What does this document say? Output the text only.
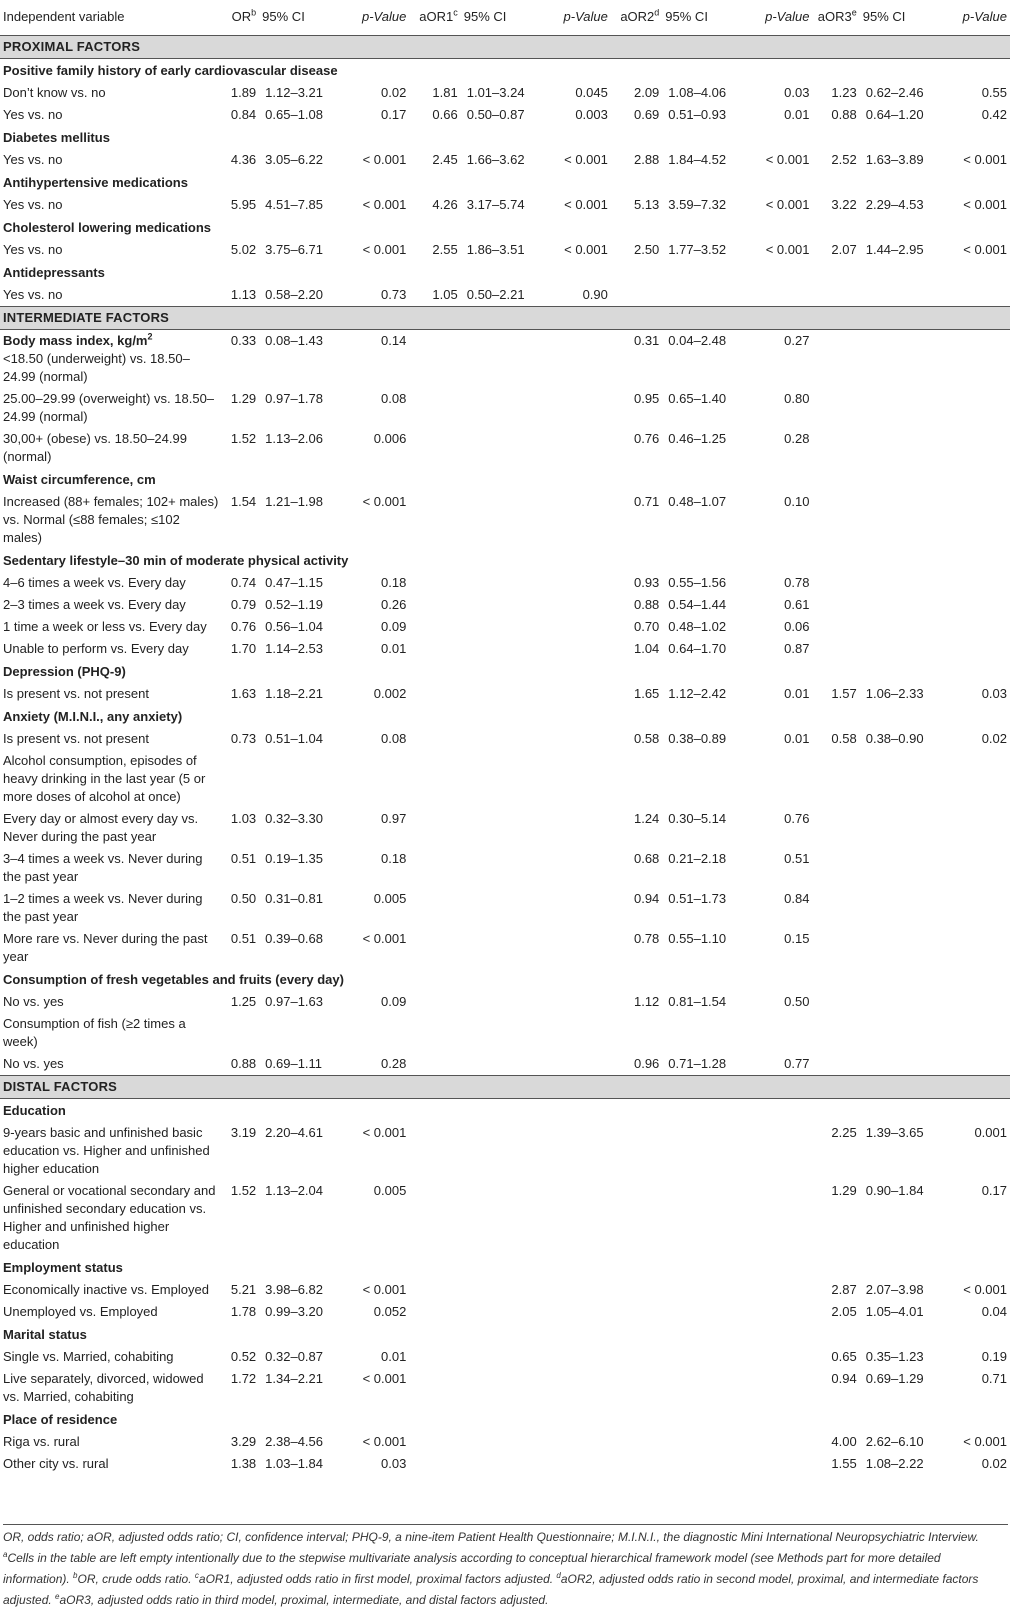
Independent variable	$OR^b$	95% CI	p-Value	aOR1$^c$	95% CI	p-Value	aOR2$^d$	95% CI	p-Value	aOR3e	95% CI	p-Value
PROXIMAL FACTORS												
Positive family history of early cardiovascular disease												
Don’t know vs. no	1.89	1.12–3.21	0.02	1.81	1.01–3.24	0.045	2.09	1.08–4.06	0.03	1.23	0.62–2.46	0.55
Yes vs. no	0.84	0.65–1.08	0.17	0.66	0.50–0.87	0.003	0.69	0.51–0.93	0.01	0.88	0.64–1.20	0.42
Diabetes mellitus												
Yes vs. no	4.36	3.05–6.22	< 0.001	2.45	1.66–3.62	< 0.001	2.88	1.84–4.52	< 0.001	2.52	1.63–3.89	< 0.001
Antihypertensive medications												
Yes vs. no	5.95	4.51–7.85	< 0.001	4.26	3.17–5.74	< 0.001	5.13	3.59–7.32	< 0.001	3.22	2.29–4.53	< 0.001
Cholesterol lowering medications												
Yes vs. no	5.02	3.75–6.71	< 0.001	2.55	1.86–3.51	< 0.001	2.50	1.77–3.52	< 0.001	2.07	1.44–2.95	< 0.001
Antidepressants												
Yes vs. no	1.13	0.58–2.20	0.73	1.05	0.50–2.21	0.90						
INTERMEDIATE FACTORS												
Body mass index, $kg/m^2$
<18.50 (underweight) vs. 18.50–24.99 (normal)	0.33	0.08–1.43	0.14				0.31	0.04–2.48	0.27			
25.00–29.99 (overweight) vs. 18.50–24.99 (normal)	1.29	0.97–1.78	0.08				0.95	0.65–1.40	0.80			
30,00+ (obese) vs. 18.50–24.99 (normal)	1.52	1.13–2.06	0.006				0.76	0.46–1.25	0.28			
Waist circumference, cm												
Increased (88+ females; 102+ males) vs. Normal (≤88 females; ≤102 males)	1.54	1.21–1.98	< 0.001				0.71	0.48–1.07	0.10			
Sedentary lifestyle–30 min of moderate physical activity												
4–6 times a week vs. Every day	0.74	0.47–1.15	0.18				0.93	0.55–1.56	0.78			
2–3 times a week vs. Every day	0.79	0.52–1.19	0.26				0.88	0.54–1.44	0.61			
1 time a week or less vs. Every day	0.76	0.56–1.04	0.09				0.70	0.48–1.02	0.06			
Unable to perform vs. Every day	1.70	1.14–2.53	0.01				1.04	0.64–1.70	0.87			
Depression (PHQ-9)												
Is present vs. not present	1.63	1.18–2.21	0.002				1.65	1.12–2.42	0.01	1.57	1.06–2.33	0.03
Anxiety (M.I.N.I., any anxiety)												
Is present vs. not present	0.73	0.51–1.04	0.08				0.58	0.38–0.89	0.01	0.58	0.38–0.90	0.02
Alcohol consumption, episodes of heavy drinking in the last year (5 or more doses of alcohol at once)												
Every day or almost every day vs. Never during the past year	1.03	0.32–3.30	0.97				1.24	0.30–5.14	0.76			
3–4 times a week vs. Never during the past year	0.51	0.19–1.35	0.18				0.68	0.21–2.18	0.51			
1–2 times a week vs. Never during the past year	0.50	0.31–0.81	0.005				0.94	0.51–1.73	0.84			
More rare vs. Never during the past year	0.51	0.39–0.68	< 0.001				0.78	0.55–1.10	0.15			
Consumption of fresh vegetables and fruits (every day)												
No vs. yes	1.25	0.97–1.63	0.09				1.12	0.81–1.54	0.50			
Consumption of fish (≥2 times a week)												
No vs. yes	0.88	0.69–1.11	0.28				0.96	0.71–1.28	0.77			
DISTAL FACTORS												
Education												
9-years basic and unfinished basic education vs. Higher and unfinished higher education	3.19	2.20–4.61	< 0.001							2.25	1.39–3.65	0.001
General or vocational secondary and unfinished secondary education vs. Higher and unfinished higher education	1.52	1.13–2.04	0.005							1.29	0.90–1.84	0.17
Employment status												
Economically inactive vs. Employed	5.21	3.98–6.82	< 0.001							2.87	2.07–3.98	< 0.001
Unemployed vs. Employed	1.78	0.99–3.20	0.052							2.05	1.05–4.01	0.04
Marital status												
Single vs. Married, cohabiting	0.52	0.32–0.87	0.01							0.65	0.35–1.23	0.19
Live separately, divorced, widowed vs. Married, cohabiting	1.72	1.34–2.21	< 0.001							0.94	0.69–1.29	0.71
Place of residence												
Riga vs. rural	3.29	2.38–4.56	< 0.001							4.00	2.62–6.10	< 0.001
Other city vs. rural	1.38	1.03–1.84	0.03							1.55	1.08–2.22	0.02

OR, odds ratio; aOR, adjusted odds ratio; CI, confidence interval; PHQ-9, a nine-item Patient Health Questionnaire; M.I.N.I., the diagnostic Mini International Neuropsychiatric Interview.

$^a$Cells in the table are left empty intentionally due to the stepwise multivariate analysis according to conceptual hierarchical framework model (see Methods part for more detailed information). $^b$OR, crude odds ratio. $^c$aOR1, adjusted odds ratio in first model, proximal factors adjusted. $^d$aOR2, adjusted odds ratio in second model, proximal, and intermediate factors adjusted. $^e$aOR3, adjusted odds ratio in third model, proximal, intermediate, and distal factors adjusted.
